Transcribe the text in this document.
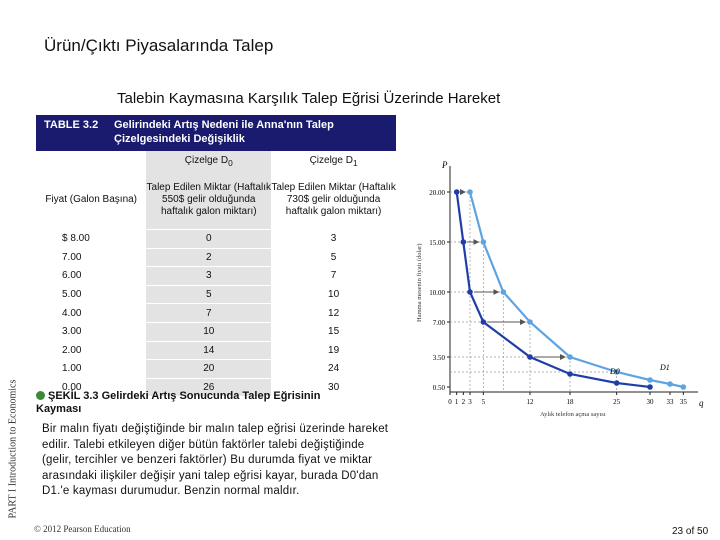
Ürün/Çıktı Piyasalarında Talep
Talebin Kaymasına Karşılık Talep Eğrisi Üzerinde Hareket
PART I Introduction to Economics
TABLE 3.2 Gelirindeki Artış Nedeni ile Anna'nın Talep
Çizelgesindeki Değişiklik
	Çizelge $D_0$	Çizelge $D_1$
Fiyat (Galon Başına)	Talep Edilen Miktar (Haftalık 550$ gelir olduğunda haftalık galon miktarı)	Talep Edilen Miktar (Haftalık 730$ gelir olduğunda haftalık galon miktarı)
$ 8.00	0	3
7.00	2	5
6.00	3	7
5.00	5	10
4.00	7	12
3.00	10	15
2.00	14	19
1.00	20	24
0.00	26	30
P
q
Hamma mesenin fiyatı (dolar)
Aylık telefon açma sayısı
20.00
15.00
10.00
7.00
3.50
0.50
0 1 2 3 5	12	18	25	30 33 35
D0	D1
ŞEKİL 3.3 Gelirdeki Artış Sonucunda Talep Eğrisinin
Kayması
Bir malın fiyatı değiştiğinde bir malın talep eğrisi üzerinde hareket edilir. Talebi etkileyen diğer bütün faktörler talebi değiştiğinde (gelir, tercihler ve benzeri faktörler) Bu durumda fiyat ve miktar arasındaki ilişkiler değişir yani talep eğrisi kayar, burada D0'dan D1.'e kayması durumudur. Benzin normal maldır.
© 2012 Pearson Education	23 of 50
